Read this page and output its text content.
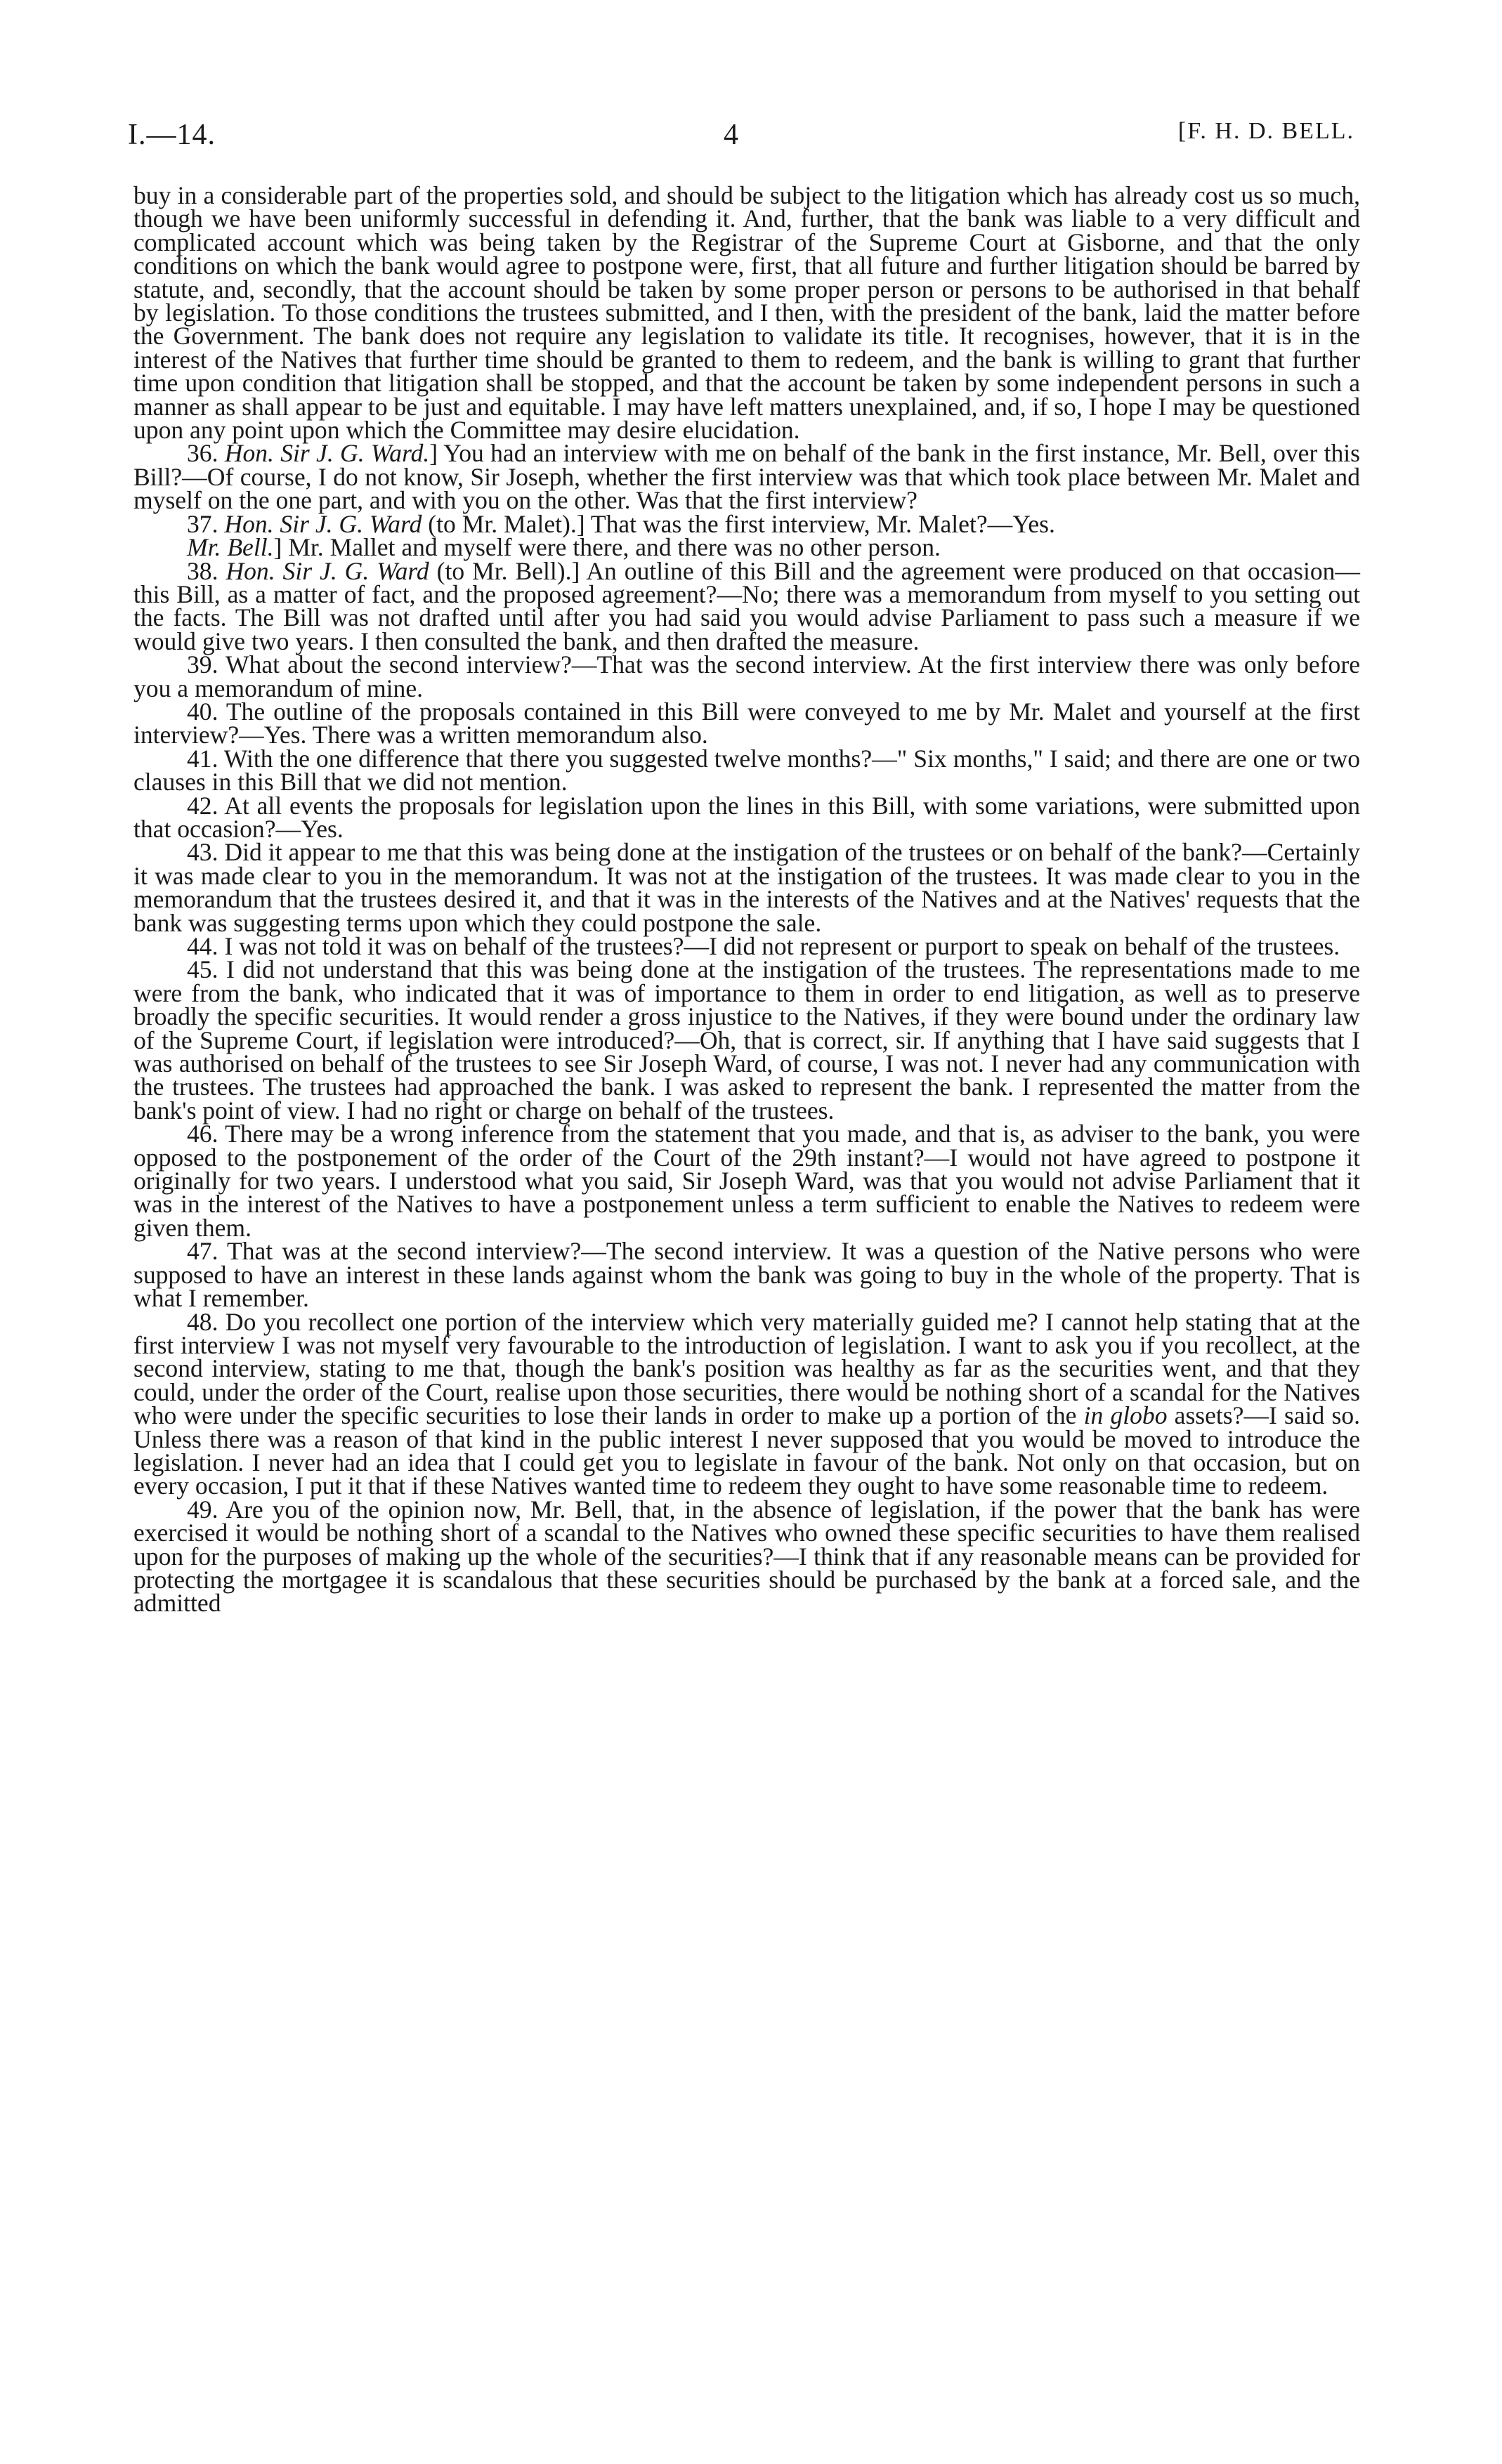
I.—14.	4	[F. H. D. BELL.

buy in a considerable part of the properties sold, and should be subject to the litigation which has already cost us so much, though we have been uniformly successful in defending it. And, further, that the bank was liable to a very difficult and complicated account which was being taken by the Registrar of the Supreme Court at Gisborne, and that the only conditions on which the bank would agree to postpone were, first, that all future and further litigation should be barred by statute, and, secondly, that the account should be taken by some proper person or persons to be authorised in that behalf by legislation. To those conditions the trustees submitted, and I then, with the president of the bank, laid the matter before the Government. The bank does not require any legislation to validate its title. It recognises, however, that it is in the interest of the Natives that further time should be granted to them to redeem, and the bank is willing to grant that further time upon condition that litigation shall be stopped, and that the account be taken by some independent persons in such a manner as shall appear to be just and equitable. I may have left matters unexplained, and, if so, I hope I may be questioned upon any point upon which the Committee may desire elucidation.

36. Hon. Sir J. G. Ward.] You had an interview with me on behalf of the bank in the first instance, Mr. Bell, over this Bill?—Of course, I do not know, Sir Joseph, whether the first interview was that which took place between Mr. Malet and myself on the one part, and with you on the other. Was that the first interview?

37. Hon. Sir J. G. Ward (to Mr. Malet).] That was the first interview, Mr. Malet?—Yes.

Mr. Bell.] Mr. Mallet and myself were there, and there was no other person.

38. Hon. Sir J. G. Ward (to Mr. Bell).] An outline of this Bill and the agreement were produced on that occasion—this Bill, as a matter of fact, and the proposed agreement?—No; there was a memorandum from myself to you setting out the facts. The Bill was not drafted until after you had said you would advise Parliament to pass such a measure if we would give two years. I then consulted the bank, and then drafted the measure.

39. What about the second interview?—That was the second interview. At the first interview there was only before you a memorandum of mine.

40. The outline of the proposals contained in this Bill were conveyed to me by Mr. Malet and yourself at the first interview?—Yes. There was a written memorandum also.

41. With the one difference that there you suggested twelve months?—" Six months," I said; and there are one or two clauses in this Bill that we did not mention.

42. At all events the proposals for legislation upon the lines in this Bill, with some variations, were submitted upon that occasion?—Yes.

43. Did it appear to me that this was being done at the instigation of the trustees or on behalf of the bank?—Certainly it was made clear to you in the memorandum. It was not at the instigation of the trustees. It was made clear to you in the memorandum that the trustees desired it, and that it was in the interests of the Natives and at the Natives' requests that the bank was suggesting terms upon which they could postpone the sale.

44. I was not told it was on behalf of the trustees?—I did not represent or purport to speak on behalf of the trustees.

45. I did not understand that this was being done at the instigation of the trustees. The representations made to me were from the bank, who indicated that it was of importance to them in order to end litigation, as well as to preserve broadly the specific securities. It would render a gross injustice to the Natives, if they were bound under the ordinary law of the Supreme Court, if legislation were introduced?—Oh, that is correct, sir. If anything that I have said suggests that I was authorised on behalf of the trustees to see Sir Joseph Ward, of course, I was not. I never had any communication with the trustees. The trustees had approached the bank. I was asked to represent the bank. I represented the matter from the bank's point of view. I had no right or charge on behalf of the trustees.

46. There may be a wrong inference from the statement that you made, and that is, as adviser to the bank, you were opposed to the postponement of the order of the Court of the 29th instant?—I would not have agreed to postpone it originally for two years. I understood what you said, Sir Joseph Ward, was that you would not advise Parliament that it was in the interest of the Natives to have a postponement unless a term sufficient to enable the Natives to redeem were given them.

47. That was at the second interview?—The second interview. It was a question of the Native persons who were supposed to have an interest in these lands against whom the bank was going to buy in the whole of the property. That is what I remember.

48. Do you recollect one portion of the interview which very materially guided me? I cannot help stating that at the first interview I was not myself very favourable to the introduction of legislation. I want to ask you if you recollect, at the second interview, stating to me that, though the bank's position was healthy as far as the securities went, and that they could, under the order of the Court, realise upon those securities, there would be nothing short of a scandal for the Natives who were under the specific securities to lose their lands in order to make up a portion of the in globo assets?—I said so. Unless there was a reason of that kind in the public interest I never supposed that you would be moved to introduce the legislation. I never had an idea that I could get you to legislate in favour of the bank. Not only on that occasion, but on every occasion, I put it that if these Natives wanted time to redeem they ought to have some reasonable time to redeem.

49. Are you of the opinion now, Mr. Bell, that, in the absence of legislation, if the power that the bank has were exercised it would be nothing short of a scandal to the Natives who owned these specific securities to have them realised upon for the purposes of making up the whole of the securities?—I think that if any reasonable means can be provided for protecting the mortgagee it is scandalous that these securities should be purchased by the bank at a forced sale, and the admitted
